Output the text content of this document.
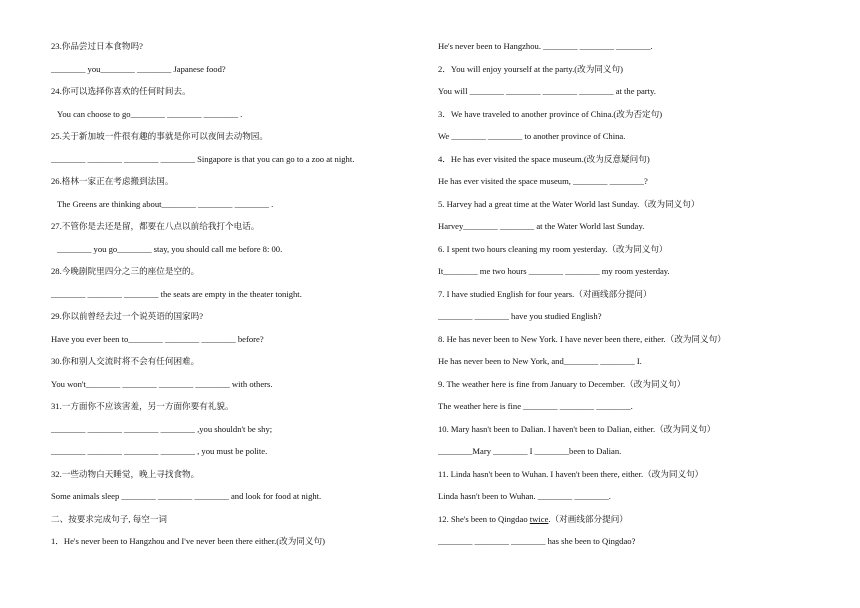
23.你品尝过日本食物吗?
________ you________ ________ Japanese food?
24.你可以选择你喜欢的任何时间去。
You can choose to go________ ________ ________ .
25.关于新加坡一件很有趣的事就是你可以夜间去动物园。
________ ________ ________ ________ Singapore is that you can go to a zoo at night.
26.格林一家正在考虑搬到法国。
The Greens are thinking about________ ________ ________ .
27.不管你是去还是留，都要在八点以前给我打个电话。
________ you go________ stay, you should call me before 8: 00.
28.今晚剧院里四分之三的座位是空的。
________ ________ ________ the seats are empty in the theater tonight.
29.你以前曾经去过一个说英语的国家吗?
Have you ever been to________ ________ ________ before?
30.你和别人交流时将不会有任何困难。
You won't________ ________ ________ ________ with others.
31.一方面你不应该害羞，另一方面你要有礼貌。
________ ________ ________ ________ ,you shouldn't be shy;
________ ________ ________ ________ , you must be polite.
32.一些动物白天睡觉，晚上寻找食物。
Some animals sleep ________ ________ ________ and look for food at night.
二、按要求完成句子, 每空一词
1．He's never been to Hangzhou and I've never been there either.(改为同义句)
He's never been to Hangzhou. ________ ________ ________.
2．You will enjoy yourself at the party.(改为同义句)
You will ________ ________ ________ ________ at the party.
3．We have traveled to another province of China.(改为否定句)
We ________ ________ to another province of China.
4．He has ever visited the space museum.(改为反意疑问句)
He has ever visited the space museum, ________ ________?
5. Harvey had a great time at the Water World last Sunday.（改为同义句）
Harvey________ ________ at the Water World last Sunday.
6. I spent two hours cleaning my room yesterday.（改为同义句）
It________ me two hours ________ ________ my room yesterday.
7. I have studied English for four years.（对画线部分提问）
________ ________ have you studied English?
8. He has never been to New York. I have never been there, either.（改为同义句）
He has never been to New York, and________ ________ I.
9. The weather here is fine from January to December.（改为同义句）
The weather here is fine ________ ________ ________.
10. Mary hasn't been to Dalian. I haven't been to Dalian, either.（改为同义句）
________Mary ________ I ________been to Dalian.
11. Linda hasn't been to Wuhan. I haven't been there, either.（改为同义句）
Linda hasn't been to Wuhan. ________ ________.
12. She's been to Qingdao twice.（对画线部分提问）
________ ________ ________ has she been to Qingdao?
